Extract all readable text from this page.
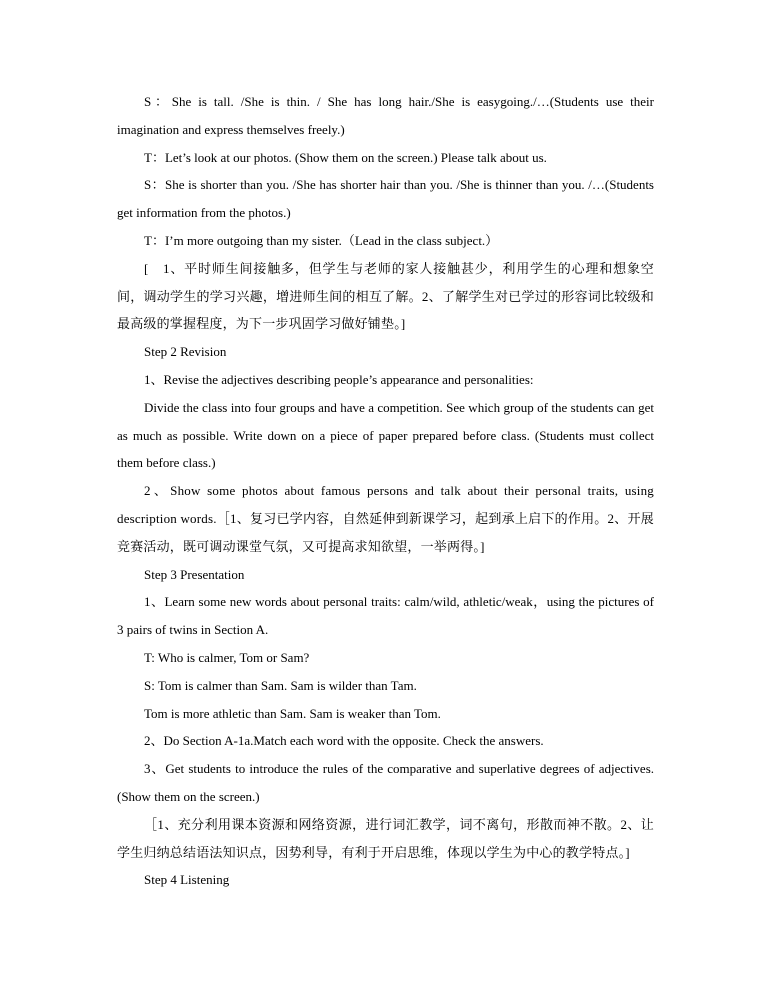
S：She is tall. /She is thin. / She has long hair./She is easygoing./…(Students use their imagination and express themselves freely.)

T：Let’s look at our photos. (Show them on the screen.) Please talk about us.

S：She is shorter than you. /She has shorter hair than you. /She is thinner than you. /…(Students get information from the photos.)

T：I’m more outgoing than my sister.（Lead in the class subject.）

[　1、平时师生间接触多，但学生与老师的家人接触甚少，利用学生的心理和想象空间，调动学生的学习兴趣，增进师生间的相互了解。2、了解学生对已学过的形容词比较级和最高级的掌握程度，为下一步巩固学习做好铺垫。]

Step 2 Revision

1、Revise the adjectives describing people’s appearance and personalities:

Divide the class into four groups and have a competition. See which group of the students can get as much as possible. Write down on a piece of paper prepared before class. (Students must collect them before class.)

2、Show some photos about famous persons and talk about their personal traits, using description words.［1、复习已学内容，自然延伸到新课学习，起到承上启下的作用。2、开展竞赛活动，既可调动课堂气氛，又可提高求知欲望，一举两得。]

Step 3 Presentation

1、Learn some new words about personal traits: calm/wild, athletic/weak，using the pictures of 3 pairs of twins in Section A.

T: Who is calmer, Tom or Sam?

S: Tom is calmer than Sam. Sam is wilder than Tam.

Tom is more athletic than Sam. Sam is weaker than Tom.

2、Do Section A-1a.Match each word with the opposite. Check the answers.

3、Get students to introduce the rules of the comparative and superlative degrees of adjectives.(Show them on the screen.)

［1、充分利用课本资源和网络资源，进行词汇教学，词不离句，形散而神不散。2、让学生归纳总结语法知识点，因势利导，有利于开启思维，体现以学生为中心的教学特点。]

Step 4 Listening
